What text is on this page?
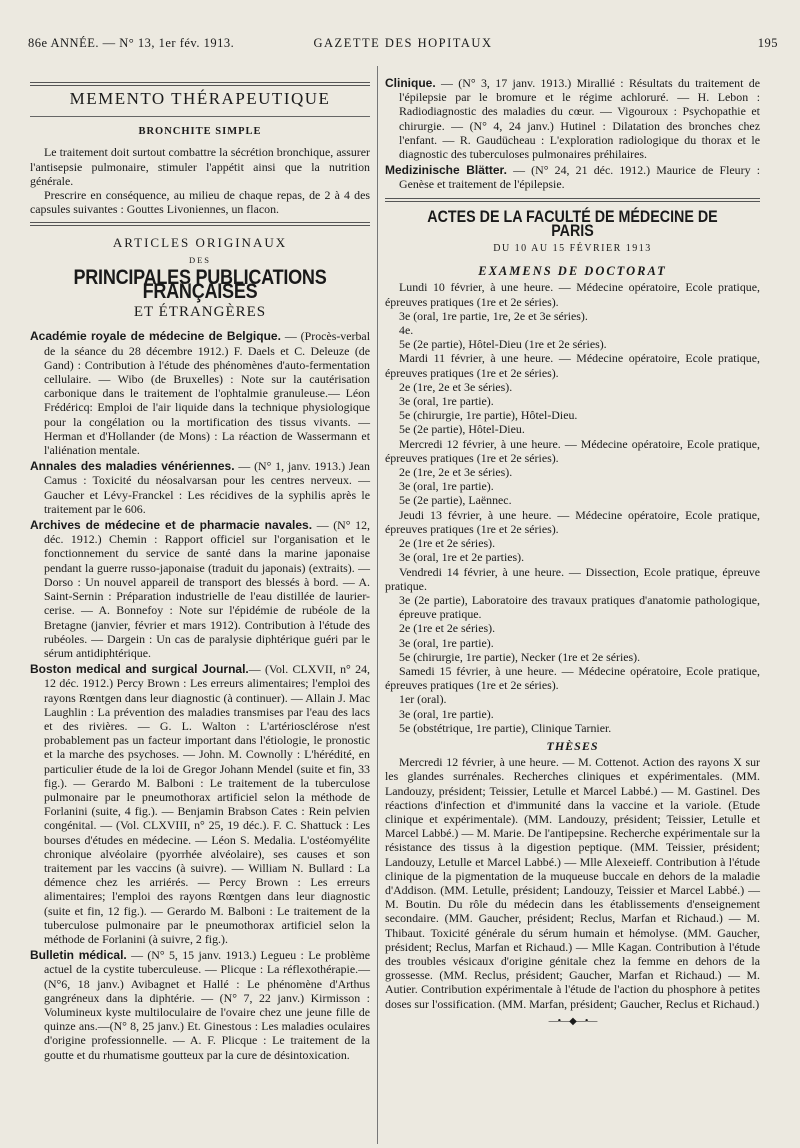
86e ANNÉE. — N° 13, 1er fév. 1913.	GAZETTE DES HOPITAUX	195
MEMENTO THÉRAPEUTIQUE
BRONCHITE SIMPLE

Le traitement doit surtout combattre la sécrétion bronchique, assurer l'antisepsie pulmonaire, stimuler l'appétit ainsi que la nutrition générale.

Prescrire en conséquence, au milieu de chaque repas, de 2 à 4 des capsules suivantes : Gouttes Livoniennes, un flacon.

ARTICLES ORIGINAUX
DES
PRINCIPALES PUBLICATIONS FRANÇAISES
ET ÉTRANGÈRES

Académie royale de médecine de Belgique. — (Procès-verbal de la séance du 28 décembre 1912.) F. Daels et C. Deleuze (de Gand) : Contribution à l'étude des phénomènes d'auto-fermentation cellulaire. — Wibo (de Bruxelles) : Note sur la cautérisation carbonique dans le traitement de l'ophtalmie granuleuse.— Léon Frédéricq: Emploi de l'air liquide dans la technique physiologique pour la congélation ou la mortification des tissus vivants. — Herman et d'Hollander (de Mons) : La réaction de Wassermann et l'aliénation mentale.

Annales des maladies vénériennes. — (N° 1, janv. 1913.) Jean Camus : Toxicité du néosalvarsan pour les centres nerveux. — Gaucher et Lévy-Franckel : Les récidives de la syphilis après le traitement par le 606.

Archives de médecine et de pharmacie navales. — (N° 12, déc. 1912.) Chemin : Rapport officiel sur l'organisation et le fonctionnement du service de santé dans la marine japonaise pendant la guerre russo-japonaise (traduit du japonais) (extraits). — Dorso : Un nouvel appareil de transport des blessés à bord. — A. Saint-Sernin : Préparation industrielle de l'eau distillée de laurier-cerise. — A. Bonnefoy : Note sur l'épidémie de rubéole de la Bretagne (janvier, février et mars 1912). Contribution à l'étude des rubéoles. — Dargein : Un cas de paralysie diphtérique guéri par le sérum antidiphtérique.

Boston medical and surgical Journal.— (Vol. CLXVII, n° 24, 12 déc. 1912.) Percy Brown : Les erreurs alimentaires; l'emploi des rayons Rœntgen dans leur diagnostic (à continuer). — Allain J. Mac Laughlin : La prévention des maladies transmises par l'eau des lacs et des rivières. — G. L. Walton : L'artériosclérose n'est probablement pas un facteur important dans l'étiologie, le pronostic et la marche des psychoses. — John. M. Cownolly : L'hérédité, en particulier étude de la loi de Gregor Johann Mendel (suite et fin, 33 fig.). — Gerardo M. Balboni : Le traitement de la tuberculose pulmonaire par le pneumothorax artificiel selon la méthode de Forlanini (suite, 4 fig.). — Benjamin Brabson Cates : Rein pelvien congénital. — (Vol. CLXVIII, n° 25, 19 déc.). F. C. Shattuck : Les bourses d'études en médecine. — Léon S. Medalia. L'ostéomyélite chronique alvéolaire (pyorrhée alvéolaire), ses causes et son traitement par les vaccins (à suivre). — William N. Bullard : La démence chez les arriérés. — Percy Brown : Les erreurs alimentaires; l'emploi des rayons Rœntgen dans leur diagnostic (suite et fin, 12 fig.). — Gerardo M. Balboni : Le traitement de la tuberculose pulmonaire par le pneumothorax artificiel selon la méthode de Forlanini (à suivre, 2 fig.).

Bulletin médical. — (N° 5, 15 janv. 1913.) Legueu : Le problème actuel de la cystite tuberculeuse. — Plicque : La réflexothérapie.—(N°6, 18 janv.) Avibagnet et Hallé : Le phénomène d'Arthus gangréneux dans la diphtérie. — (N° 7, 22 janv.) Kirmisson : Volumineux kyste multiloculaire de l'ovaire chez une jeune fille de quinze ans.—(N° 8, 25 janv.) Et. Ginestous : Les maladies oculaires d'origine professionnelle. — A. F. Plicque : Le traitement de la goutte et du rhumatisme goutteux par la cure de désintoxication.

Clinique. — (N° 3, 17 janv. 1913.) Mirallié : Résultats du traitement de l'épilepsie par le bromure et le régime achloruré. — H. Lebon : Radiodiagnostic des maladies du cœur. — Vigouroux : Psychopathie et chirurgie. — (N° 4, 24 janv.) Hutinel : Dilatation des bronches chez l'enfant. — R. Gaudücheau : L'exploration radiologique du thorax et le diagnostic des tuberculoses pulmonaires préhilaires.

Medizinische Blätter. — (N° 24, 21 déc. 1912.) Maurice de Fleury : Genèse et traitement de l'épilepsie.

ACTES DE LA FACULTÉ DE MÉDECINE DE PARIS
DU 10 AU 15 FÉVRIER 1913
EXAMENS DE DOCTORAT

Lundi 10 février, à une heure. — Médecine opératoire, Ecole pratique, épreuves pratiques (1re et 2e séries).

3e (oral, 1re partie, 1re, 2e et 3e séries).

4e.

5e (2e partie), Hôtel-Dieu (1re et 2e séries).

Mardi 11 février, à une heure. — Médecine opératoire, Ecole pratique, épreuves pratiques (1re et 2e séries).

2e (1re, 2e et 3e séries).

3e (oral, 1re partie).

5e (chirurgie, 1re partie), Hôtel-Dieu.

5e (2e partie), Hôtel-Dieu.

Mercredi 12 février, à une heure. — Médecine opératoire, Ecole pratique, épreuves pratiques (1re et 2e séries).

2e (1re, 2e et 3e séries).

3e (oral, 1re partie).

5e (2e partie), Laënnec.

Jeudi 13 février, à une heure. — Médecine opératoire, Ecole pratique, épreuves pratiques (1re et 2e séries).

2e (1re et 2e séries).

3e (oral, 1re et 2e parties).

Vendredi 14 février, à une heure. — Dissection, Ecole pratique, épreuve pratique.

3e (2e partie), Laboratoire des travaux pratiques d'anatomie pathologique, épreuve pratique.

2e (1re et 2e séries).

3e (oral, 1re partie).

5e (chirurgie, 1re partie), Necker (1re et 2e séries).

Samedi 15 février, à une heure. — Médecine opératoire, Ecole pratique, épreuves pratiques (1re et 2e séries).

1er (oral).

3e (oral, 1re partie).

5e (obstétrique, 1re partie), Clinique Tarnier.

THÈSES

Mercredi 12 février, à une heure. — M. Cottenot. Action des rayons X sur les glandes surrénales. Recherches cliniques et expérimentales. (MM. Landouzy, président; Teissier, Letulle et Marcel Labbé.) — M. Gastinel. Des réactions d'infection et d'immunité dans la vaccine et la variole. (Etude clinique et expérimentale). (MM. Landouzy, président; Teissier, Letulle et Marcel Labbé.) — M. Marie. De l'antipepsine. Recherche expérimentale sur la résistance des tissus à la digestion peptique. (MM. Teissier, président; Landouzy, Letulle et Marcel Labbé.) — Mlle Alexeieff. Contribution à l'étude clinique de la pigmentation de la muqueuse buccale en dehors de la maladie d'Addison. (MM. Letulle, président; Landouzy, Teissier et Marcel Labbé.) — M. Boutin. Du rôle du médecin dans les établissements d'enseignement secondaire. (MM. Gaucher, président; Reclus, Marfan et Richaud.) — M. Thibaut. Toxicité générale du sérum humain et hémolyse. (MM. Gaucher, président; Reclus, Marfan et Richaud.) — Mlle Kagan. Contribution à l'étude des troubles vésicaux d'origine génitale chez la femme en dehors de la grossesse. (MM. Reclus, président; Gaucher, Marfan et Richaud.) — M. Autier. Contribution expérimentale à l'étude de l'action du phosphore à petites doses sur l'ossification. (MM. Marfan, président; Gaucher, Reclus et Richaud.)

—•—◆—•—
